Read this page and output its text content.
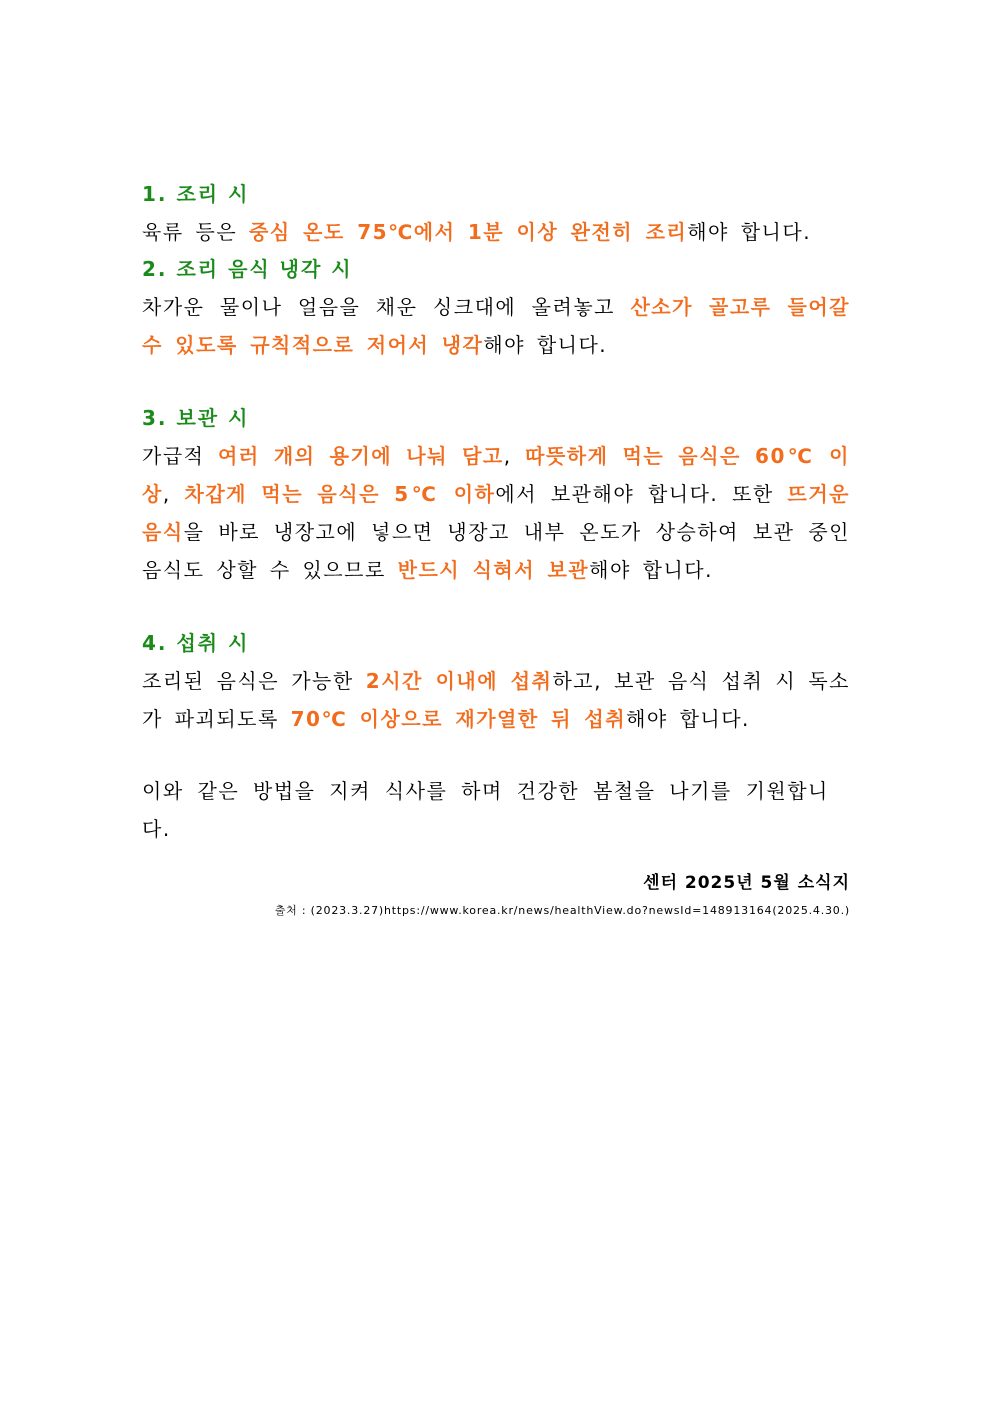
1. 조리 시

육류 등은 중심 온도 75℃에서 1분 이상 완전히 조리해야 합니다.

2. 조리 음식 냉각 시

차가운 물이나 얼음을 채운 싱크대에 올려놓고 산소가 골고루 들어갈 수 있도록 규칙적으로 저어서 냉각해야 합니다.

3. 보관 시

가급적 여러 개의 용기에 나눠 담고, 따뜻하게 먹는 음식은 60℃ 이상, 차갑게 먹는 음식은 5℃ 이하에서 보관해야 합니다. 또한 뜨거운 음식을 바로 냉장고에 넣으면 냉장고 내부 온도가 상승하여 보관 중인 음식도 상할 수 있으므로 반드시 식혀서 보관해야 합니다.

4. 섭취 시

조리된 음식은 가능한 2시간 이내에 섭취하고, 보관 음식 섭취 시 독소가 파괴되도록 70℃ 이상으로 재가열한 뒤 섭취해야 합니다.

이와 같은 방법을 지켜 식사를 하며 건강한 봄철을 나기를 기원합니다.

센터 2025년 5월 소식지
출처 : (2023.3.27)https://www.korea.kr/news/healthView.do?newsId=148913164(2025.4.30.)
